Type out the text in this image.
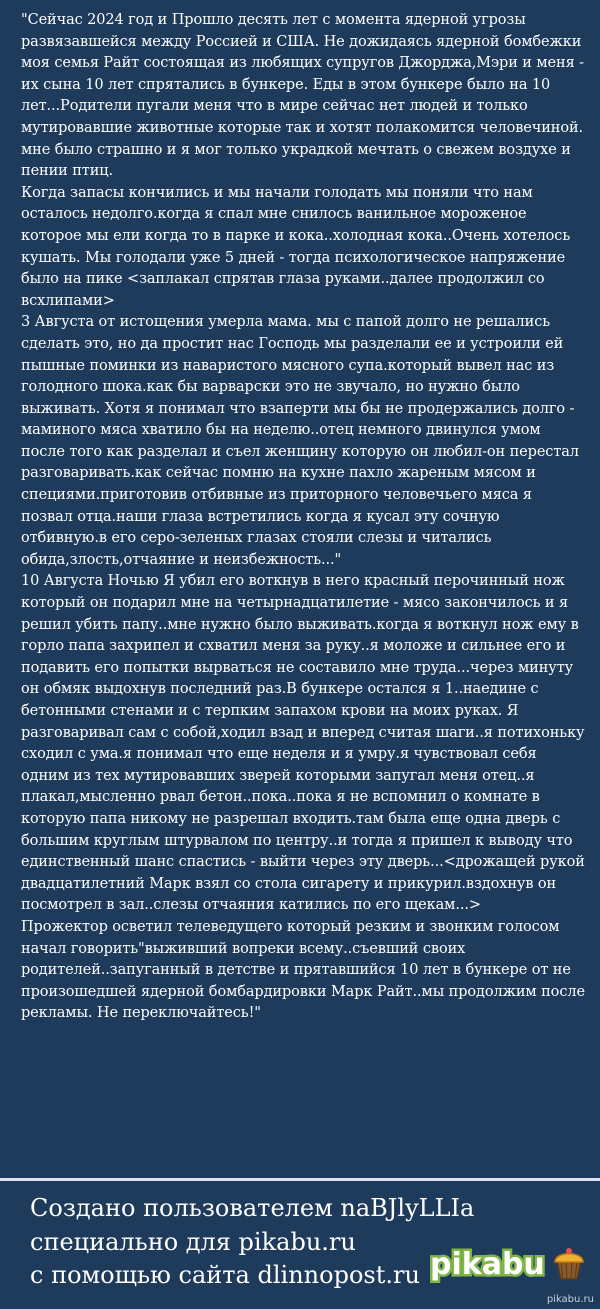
"Сейчас 2024 год и Прошло десять лет с момента ядерной угрозы развязавшейся между Россией и США. Не дожидаясь ядерной бомбежки моя семья Райт состоящая из любящих супругов Джорджа,Мэри и меня - их сына 10 лет спрятались в бункере. Еды в этом бункере было на 10 лет...Родители пугали меня что в мире сейчас нет людей и только мутировавшие животные которые так и хотят полакомится человечиной. мне было страшно и я мог только украдкой мечтать о свежем воздухе и пении птиц.

Когда запасы кончились и мы начали голодать мы поняли что нам осталось недолго.когда я спал мне снилось ванильное мороженое которое мы ели когда то в парке и кока..холодная кока..Очень хотелось кушать. Мы голодали уже 5 дней - тогда психологическое напряжение было на пике <заплакал спрятав глаза руками..далее продолжил со всхлипами>

3 Августа от истощения умерла мама. мы с папой долго не решались сделать это, но да простит нас Господь мы разделали ее и устроили ей пышные поминки из наваристого мясного супа.который вывел нас из голодного шока.как бы варварски это не звучало, но нужно было выживать. Хотя я понимал что взаперти мы бы не продержались долго - маминого мяса хватило бы на неделю..отец немного двинулся умом после того как разделал и съел женщину которую он любил-он перестал разговаривать.как сейчас помню на кухне пахло жареным мясом и специями.приготовив отбивные из приторного человечьего мяса я позвал отца.наши глаза встретились когда я кусал эту сочную отбивную.в его серо-зеленых глазах стояли слезы и читались обида,злость,отчаяние и неизбежность..."

10 Августа Ночью Я убил его воткнув в него красный перочинный нож который он подарил мне на четырнадцатилетие - мясо закончилось и я решил убить папу..мне нужно было выживать.когда я воткнул нож ему в горло папа захрипел и схватил меня за руку..я моложе и сильнее его и подавить его попытки вырваться не составило мне труда...через минуту он обмяк выдохнув последний раз.В бункере остался я 1..наедине с бетонными стенами и с терпким запахом крови на моих руках. Я разговаривал сам с собой,ходил взад и вперед считая шаги..я потихоньку сходил с ума.я понимал что еще неделя и я умру.я чувствовал себя одним из тех мутировавших зверей которыми запугал меня отец..я плакал,мысленно рвал бетон..пока..пока я не вспомнил о комнате в которую папа никому не разрешал входить.там была еще одна дверь с большим круглым штурвалом по центру..и тогда я пришел к выводу что единственный шанс спастись - выйти через эту дверь...<дрожащей рукой двадцатилетний Марк взял со стола сигарету и прикурил.вздохнув он посмотрел в зал..слезы отчаяния катились по его щекам...>

Прожектор осветил телеведущего который резким и звонким голосом начал говорить"выживший вопреки всему..съевший своих родителей..запуганный в детстве и прятавшийся 10 лет в бункере от не произошедшей ядерной бомбардировки Марк Райт..мы продолжим после рекламы. Не переключайтесь!"

Создано пользователем naBJlyLLIa

специально для pikabu.ru

с помощью сайта dlinnopost.ru pikabu
pikabu.ru
